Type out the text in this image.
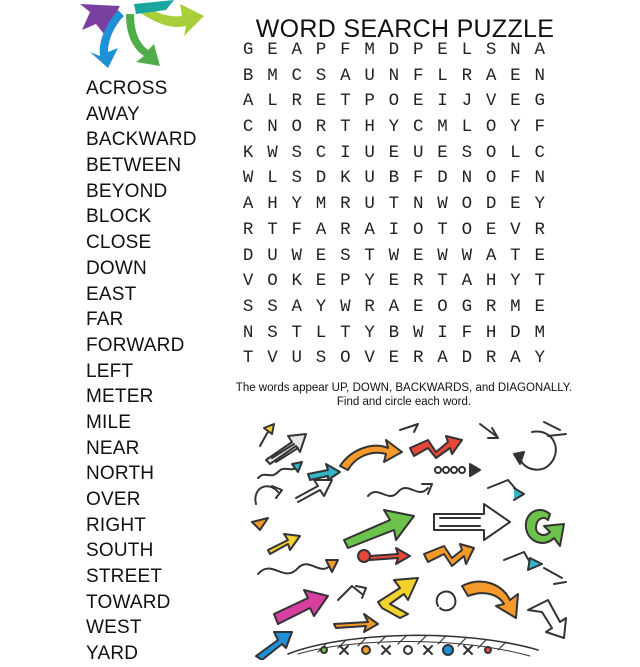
WORD SEARCH PUZZLE
ACROSS
AWAY
BACKWARD
BETWEEN
BEYOND
BLOCK
CLOSE
DOWN
EAST
FAR
FORWARD
LEFT
METER
MILE
NEAR
NORTH
OVER
RIGHT
SOUTH
STREET
TOWARD
WEST
YARD
G E A P F M D P E L S N A
B M C S A U N F L R A E N
A L R E T P O E I J V E G
C N O R T H Y C M L O Y F
K W S C I U E U E S O L C
W L S D K U B F D N O F N
A H Y M R U T N W O D E Y
R T F A R A I O T O E V R
D U W E S T W E W W A T E
V O K E P Y E R T A H Y T
S S A Y W R A E O G R M E
N S T L T Y B W I F H D M
T V U S O V E R A D R A Y
The words appear UP, DOWN, BACKWARDS, and DIAGONALLY.
Find and circle each word.
